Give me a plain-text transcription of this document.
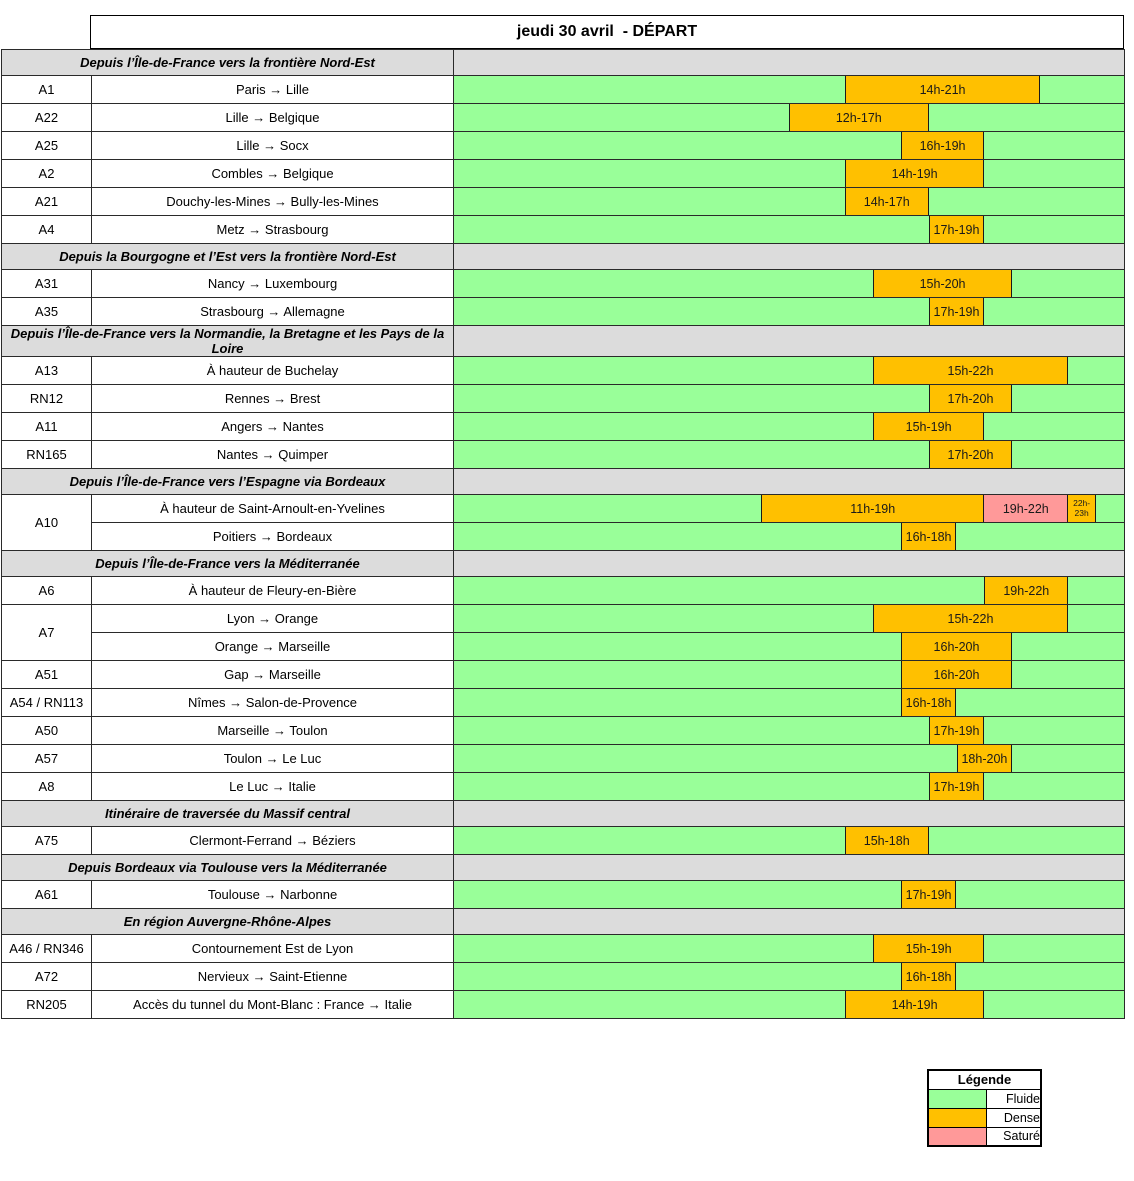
jeudi 30 avril  - DÉPART
Depuis l’Île-de-France vers la frontière Nord-Est		
A1	Paris → Lille	14h-21h

A22	Lille → Belgique	12h-17h

A25	Lille → Socx	16h-19h

A2	Combles → Belgique	14h-19h

A21	Douchy-les-Mines → Bully-les-Mines	14h-17h

A4	Metz → Strasbourg	17h-19h

Depuis la Bourgogne et l’Est vers la frontière Nord-Est		
A31	Nancy → Luxembourg	15h-20h

A35	Strasbourg → Allemagne	17h-19h

Depuis l’Île-de-France vers la Normandie, la Bretagne et les Pays de la Loire		
A13	À hauteur de Buchelay	15h-22h

RN12	Rennes → Brest	17h-20h

A11	Angers → Nantes	15h-19h

RN165	Nantes → Quimper	17h-20h

Depuis l’Île-de-France vers l’Espagne via Bordeaux		
A10	À hauteur de Saint-Arnoult-en-Yvelines	11h-19h 19h-22h 22h-23h

	Poitiers → Bordeaux	16h-18h

Depuis l’Île-de-France vers la Méditerranée		
A6	À hauteur de Fleury-en-Bière	19h-22h

A7	Lyon → Orange	15h-22h

	Orange → Marseille	16h-20h

A51	Gap → Marseille	16h-20h

A54 / RN113	Nîmes → Salon-de-Provence	16h-18h

A50	Marseille → Toulon	17h-19h

A57	Toulon → Le Luc	18h-20h

A8	Le Luc → Italie	17h-19h

Itinéraire de traversée du Massif central		
A75	Clermont-Ferrand → Béziers	15h-18h

Depuis Bordeaux via Toulouse vers la Méditerranée		
A61	Toulouse → Narbonne	17h-19h

En région Auvergne-Rhône-Alpes		
A46 / RN346	Contournement Est de Lyon	15h-19h

A72	Nervieux → Saint-Etienne	16h-18h

RN205	Accès du tunnel du Mont-Blanc : France → Italie	14h-19h
Légende	
	Fluide
	Dense
	Saturé
